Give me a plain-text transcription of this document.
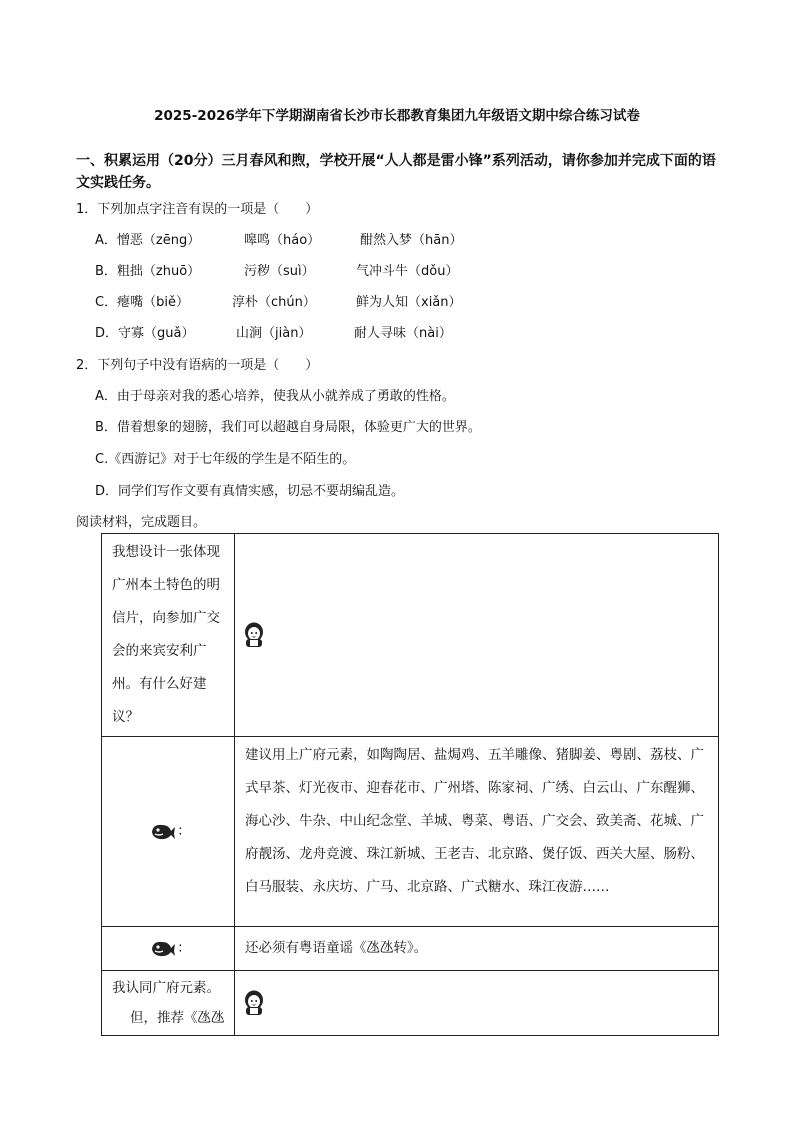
2025-2026学年下学期湖南省长沙市长郡教育集团九年级语文期中综合练习试卷
一、积累运用（20分）三月春风和煦，学校开展“人人都是雷小锋”系列活动，请你参加并完成下面的语文实践任务。
1．下列加点字注音有误的一项是（　　）
A．憎恶（zēng）	嗥鸣（háo）	酣然入梦（hān）
B．粗拙（zhuō）	污秽（suì）	气冲斗牛（dǒu）
C．瘪嘴（biě）	淳朴（chún）	鲜为人知（xiǎn）
D．守寡（guǎ）	山涧（jiàn）	耐人寻味（nài）
2．下列句子中没有语病的一项是（　　）
A．由于母亲对我的悉心培养，使我从小就养成了勇敢的性格。
B．借着想象的翅膀，我们可以超越自身局限，体验更广大的世界。
C.《西游记》对于七年级的学生是不陌生的。
D．同学们写作文要有真情实感，切忌不要胡编乱造。
阅读材料，完成题目。
我想设计一张体现广州本土特色的明信片，向参加广交会的来宾安利广州。有什么好建议？	
：	建议用上广府元素，如陶陶居、盐焗鸡、五羊雕像、猪脚姜、粤剧、荔枝、广式早茶、灯光夜市、迎春花市、广州塔、陈家祠、广绣、白云山、广东醒狮、海心沙、牛杂、中山纪念堂、羊城、粤菜、粤语、广交会、致美斋、花城、广府靓汤、龙舟竞渡、珠江新城、王老吉、北京路、煲仔饭、西关大屋、肠粉、白马服装、永庆坊、广马、北京路、广式糖水、珠江夜游……
：	还必须有粤语童谣《氹氹转》。

我认同广府元素。
但，推荐《氹氹
